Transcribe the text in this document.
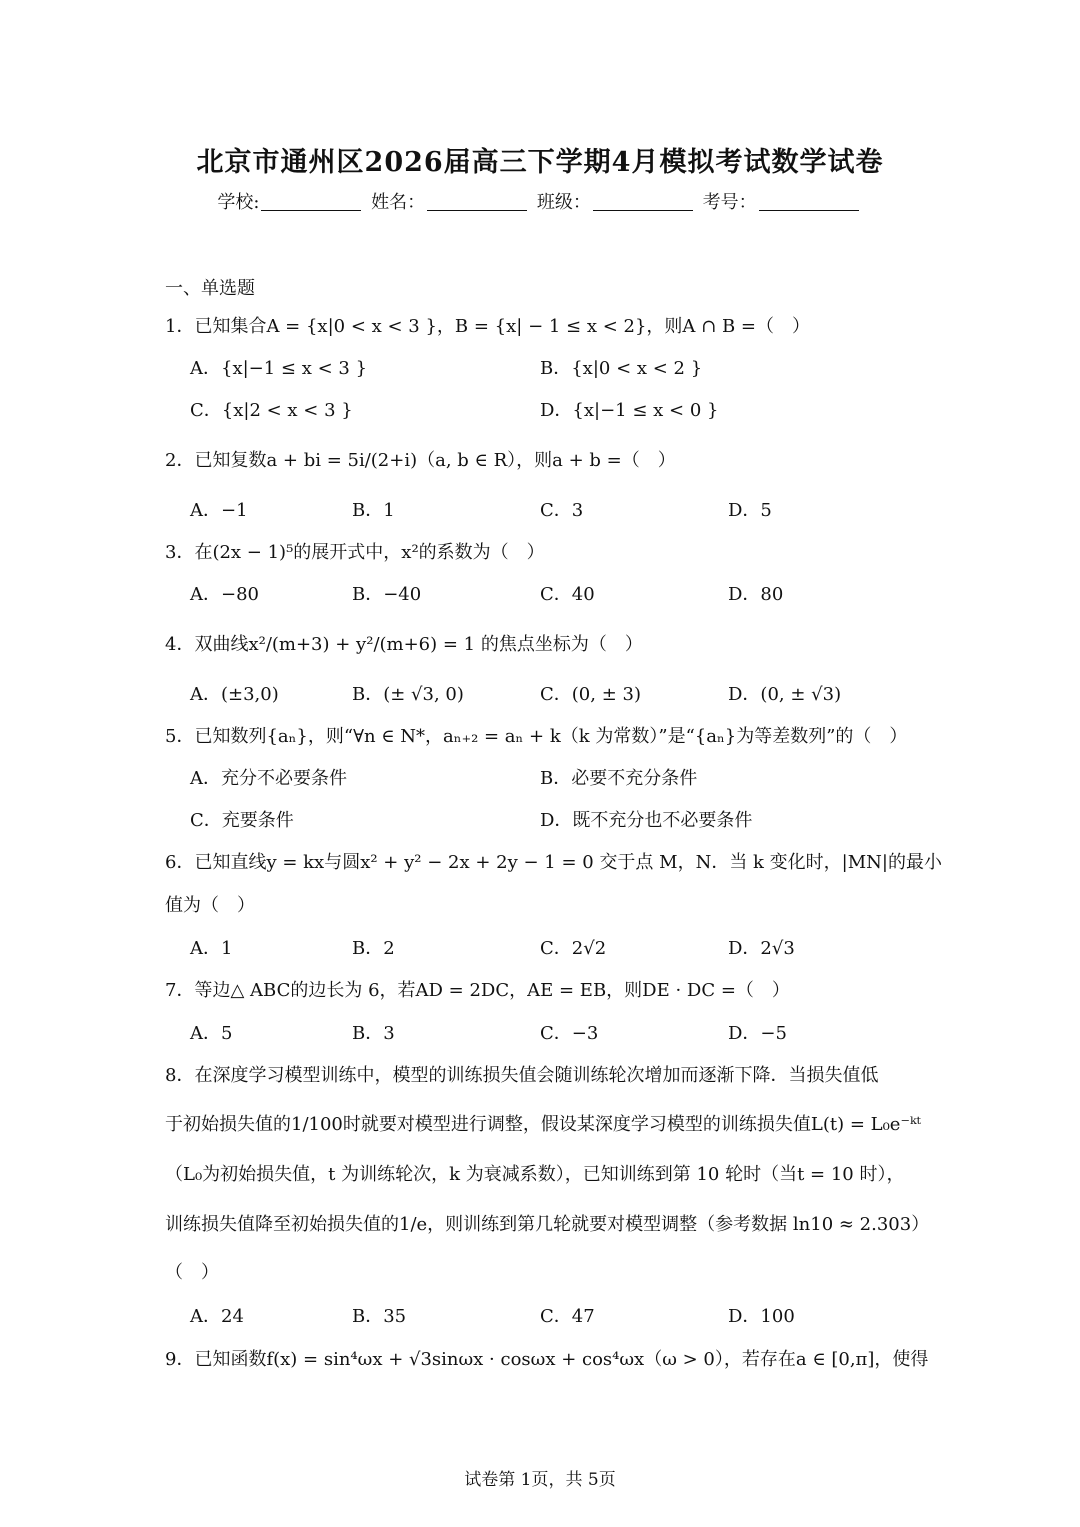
北京市通州区2026届高三下学期4月模拟考试数学试卷
学校:	姓名：	班级：	考号：
一、单选题
1．已知集合A = {x|0 < x < 3 }，B = {x| − 1 ≤ x < 2}，则A ∩ B =（　）
A．{x|−1 ≤ x < 3 }	B．{x|0 < x < 2 }
C．{x|2 < x < 3 }	D．{x|−1 ≤ x < 0 }
2．已知复数a + bi = 5i/(2+i)（a, b ∈ R），则a + b =（　）
A．−1	B．1	C．3	D．5
3．在(2x − 1)⁵的展开式中，x²的系数为（　）
A．−80	B．−40	C．40	D．80
4．双曲线x²/(m+3) + y²/(m+6) = 1 的焦点坐标为（　）
A．(±3,0)	B．(± √3, 0)	C．(0, ± 3)	D．(0, ± √3)
5．已知数列{aₙ}，则“∀n ∈ N*，aₙ₊₂ = aₙ + k（k 为常数）”是“{aₙ}为等差数列”的（　）
A．充分不必要条件	B．必要不充分条件
C．充要条件	D．既不充分也不必要条件
6．已知直线y = kx与圆x² + y² − 2x + 2y − 1 = 0 交于点 M，N．当 k 变化时，|MN|的最小
值为（　）
A．1	B．2	C．2√2	D．2√3
7．等边△ ABC的边长为 6，若AD = 2DC，AE = EB，则DE · DC =（　）
A．5	B．3	C．−3	D．−5
8．在深度学习模型训练中，模型的训练损失值会随训练轮次增加而逐渐下降．当损失值低
于初始损失值的1/100时就要对模型进行调整，假设某深度学习模型的训练损失值L(t) = L₀e⁻ᵏᵗ
（L₀为初始损失值，t 为训练轮次，k 为衰减系数），已知训练到第 10 轮时（当t = 10 时），
训练损失值降至初始损失值的1/e，则训练到第几轮就要对模型调整（参考数据 ln10 ≈ 2.303）
（　）
A．24	B．35	C．47	D．100
9．已知函数f(x) = sin⁴ωx + √3sinωx · cosωx + cos⁴ωx（ω > 0），若存在a ∈ [0,π]，使得
试卷第 1页，共 5页
